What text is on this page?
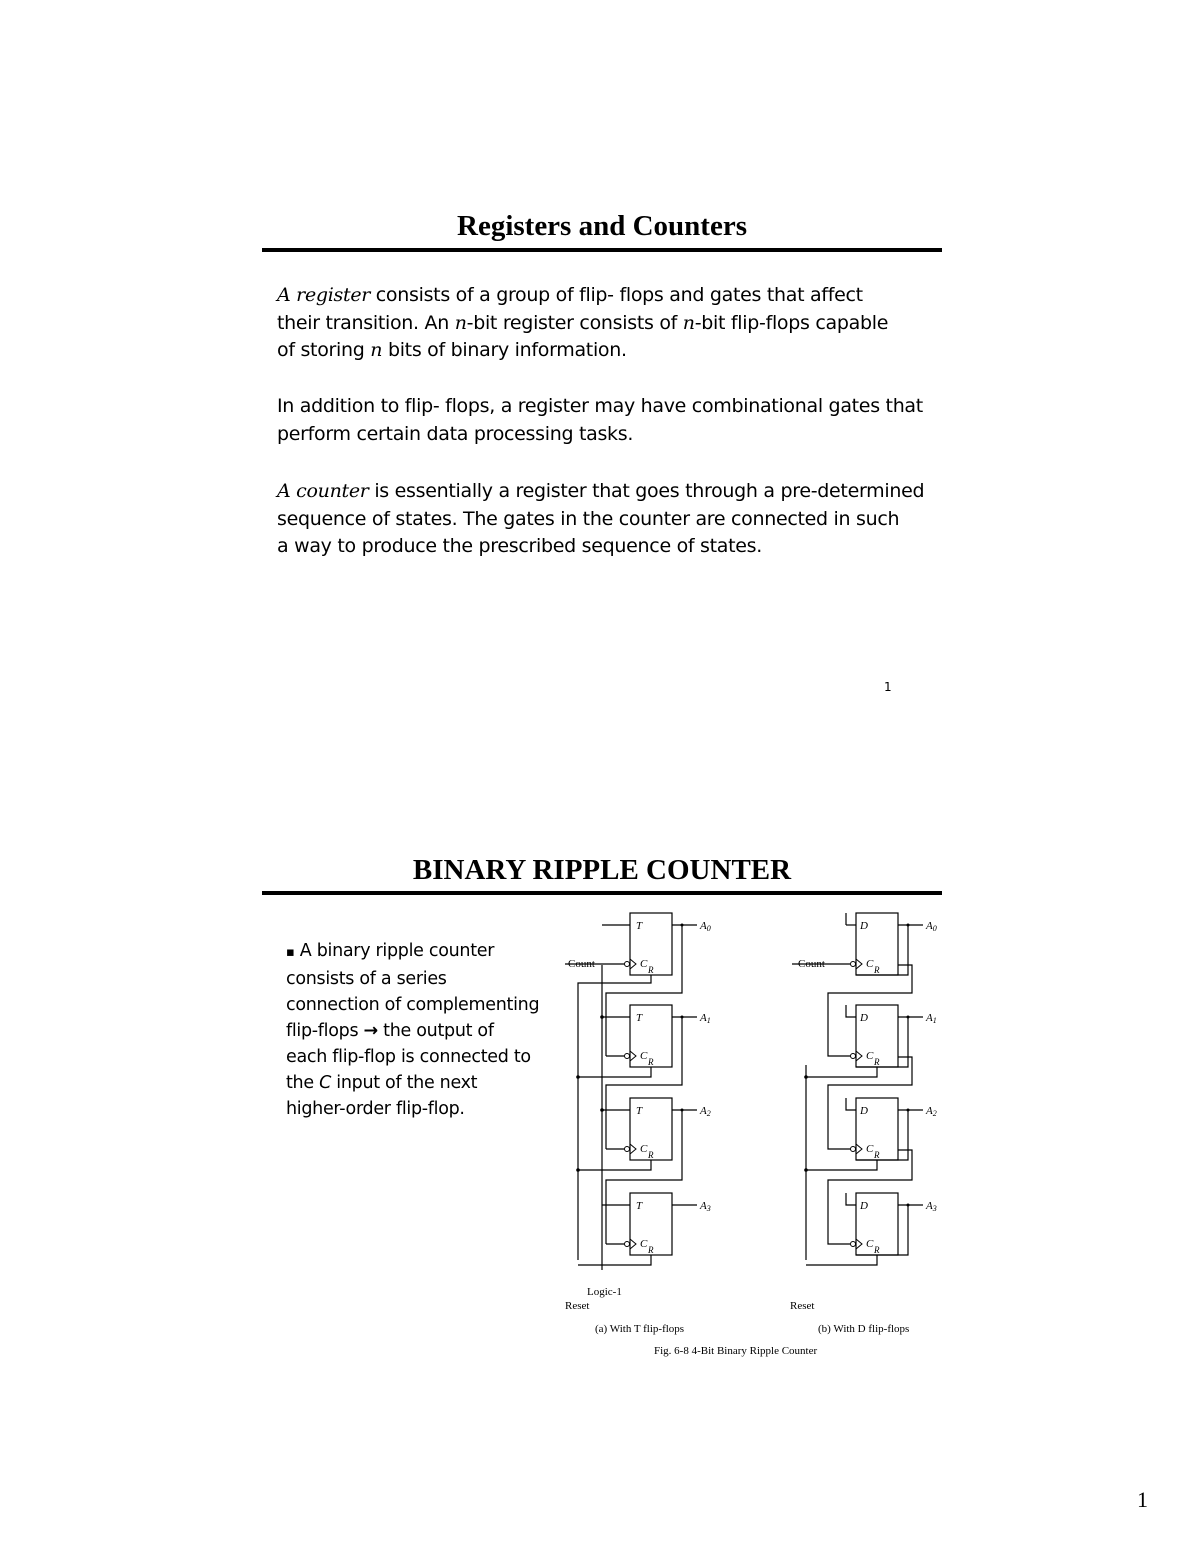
Registers and Counters

A register consists of a group of flip- flops and gates that affect

their transition. An n-bit register consists of n-bit flip-flops capable

of storing n bits of binary information.

In addition to flip- flops, a register may have combinational gates that

perform certain data processing tasks.

A counter is essentially a register that goes through a pre-determined

sequence of states. The gates in the counter are connected in such

a way to produce the prescribed sequence of states.

1
BINARY RIPPLE COUNTER

▪ A binary ripple counter

consists of a series

connection of complementing

flip-flops → the output of

each flip-flop is connected to

the C input of the next

higher-order flip-flop.

Count	Count
T
T
T
T
D
D
D
D
C
C
C
C
C
C
C
C
R
R
R
R
R
R
R
R
A0
A1
A2
A3
A0
A1
A2
A3
Logic-1
Reset	Reset
(a) With T flip-flops	(b) With D flip-flops
Fig. 6-8 4-Bit Binary Ripple Counter
1
